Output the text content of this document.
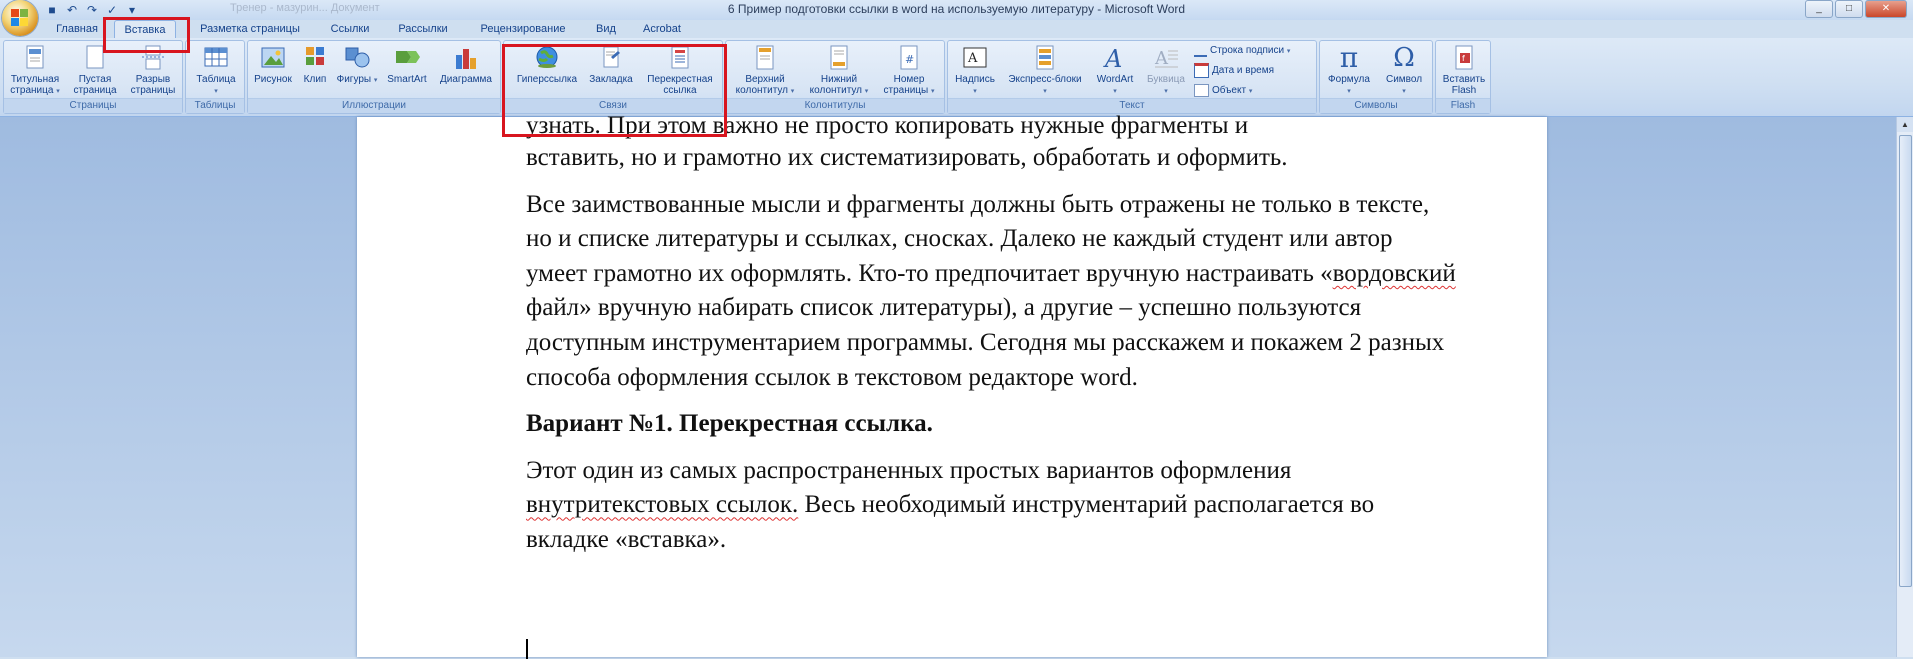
6 Пример подготовки ссылки в word на используемую литературу - Microsoft Word
Тренер - мазурин... Документ
■ ↶ ↷ ✓ ▾	_	□	✕
Главная	Вставка	Разметка страницы	Ссылки	Рассылки	Рецензирование	Вид	Acrobat
Титульная
страница ▾
Пустая
страница
Разрыв
страницы
Страницы
Таблица
▾
Таблицы
Рисунок	Клип	Фигуры ▾ SmartArt	Диаграмма
Иллюстрации
Гиперссылка	Закладка	Перекрестная
ссылка
Связи
Верхний
колонтитул ▾
Нижний
колонтитул ▾
#
Номер
страницы ▾
Колонтитулы
A
Надпись
▾
Экспресс-блоки
▾
A
WordArt
▾
A
Буквица
▾
Строка подписи ▾
Дата и время
Объект ▾
Текст
π
Формула
▾
Ω
Символ
▾
Символы
f
Вставить
Flash
Flash
узнать. При этом важно не просто копировать нужные фрагменты и

вставить, но и грамотно их систематизировать, обработать и оформить.

Все заимствованные мысли и фрагменты должны быть отражены не только в тексте, но и списке литературы и ссылках, сносках. Далеко не каждый студент или автор умеет грамотно их оформлять. Кто-то предпочитает вручную настраивать «вордовский файл» вручную набирать список литературы), а другие – успешно пользуются доступным инструментарием программы. Сегодня мы расскажем и покажем 2 разных способа оформления ссылок в текстовом редакторе word.

Вариант №1. Перекрестная ссылка.

Этот один из самых распространенных простых вариантов оформления внутритекстовых ссылок. Весь необходимый инструментарий располагается во вкладке «вставка».

▲
